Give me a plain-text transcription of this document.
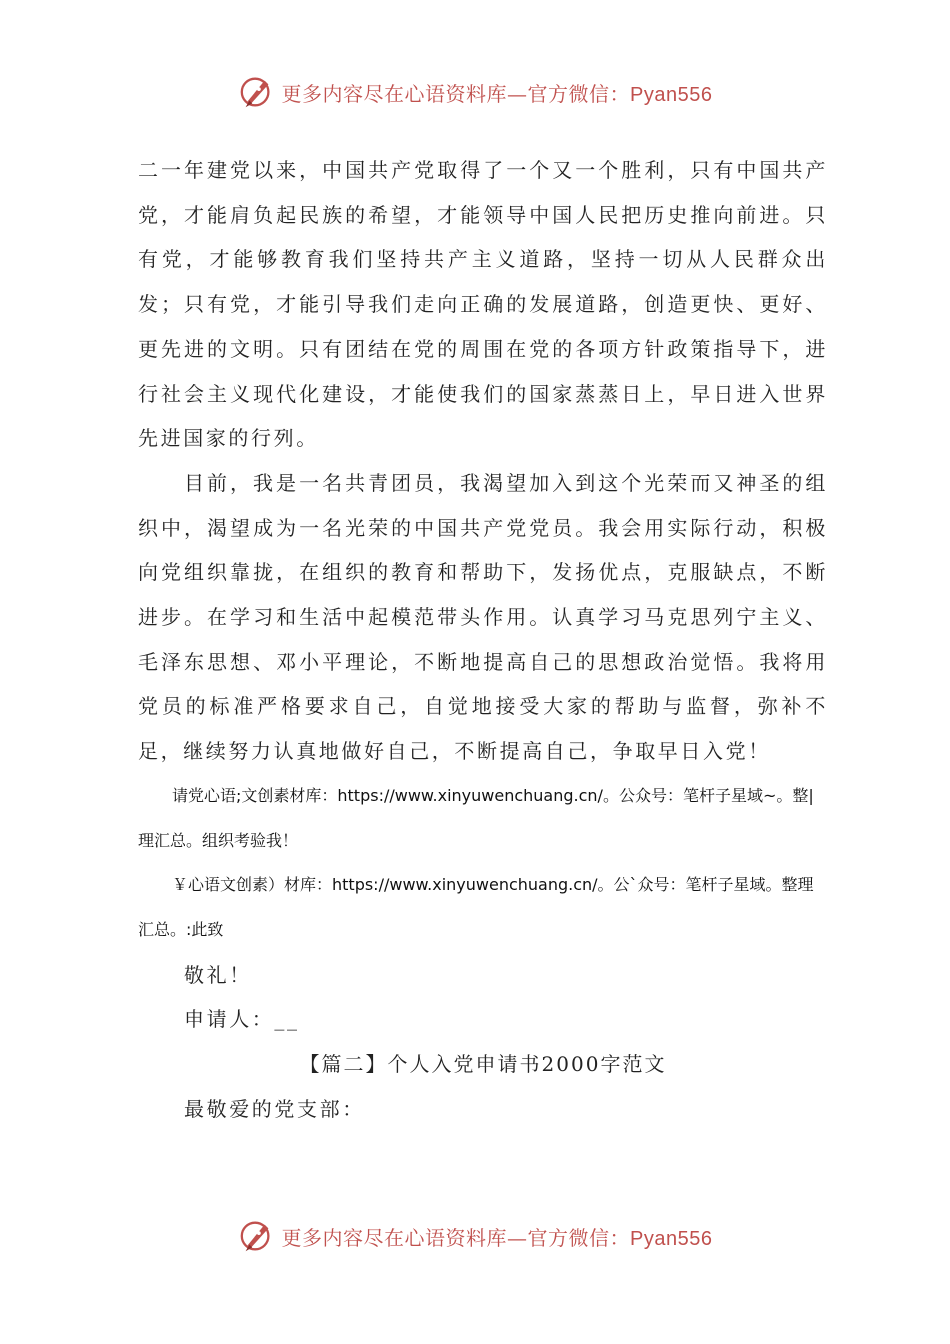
更多内容尽在心语资料库—官方微信：Pyan556

二一年建党以来，中国共产党取得了一个又一个胜利，只有中国共产党，才能肩负起民族的希望，才能领导中国人民把历史推向前进。只有党，才能够教育我们坚持共产主义道路，坚持一切从人民群众出发；只有党，才能引导我们走向正确的发展道路，创造更快、更好、更先进的文明。只有团结在党的周围在党的各项方针政策指导下，进行社会主义现代化建设，才能使我们的国家蒸蒸日上，早日进入世界先进国家的行列。

目前，我是一名共青团员，我渴望加入到这个光荣而又神圣的组织中，渴望成为一名光荣的中国共产党党员。我会用实际行动，积极向党组织靠拢，在组织的教育和帮助下，发扬优点，克服缺点，不断进步。在学习和生活中起模范带头作用。认真学习马克思列宁主义、毛泽东思想、邓小平理论，不断地提高自己的思想政治觉悟。我将用党员的标准严格要求自己，自觉地接受大家的帮助与监督，弥补不足，继续努力认真地做好自己，不断提高自己，争取早日入党！

请党心语;文创素材库：https://www.xinyuwenchuang.cn/。公众号：笔杆子星域~。整|理汇总。组织考验我！

￥心语文创素）材库：https://www.xinyuwenchuang.cn/。公`众号：笔杆子星域。整理汇总。:此致

敬礼！

申请人：__

【篇二】个人入党申请书2000字范文

最敬爱的党支部：

更多内容尽在心语资料库—官方微信：Pyan556
